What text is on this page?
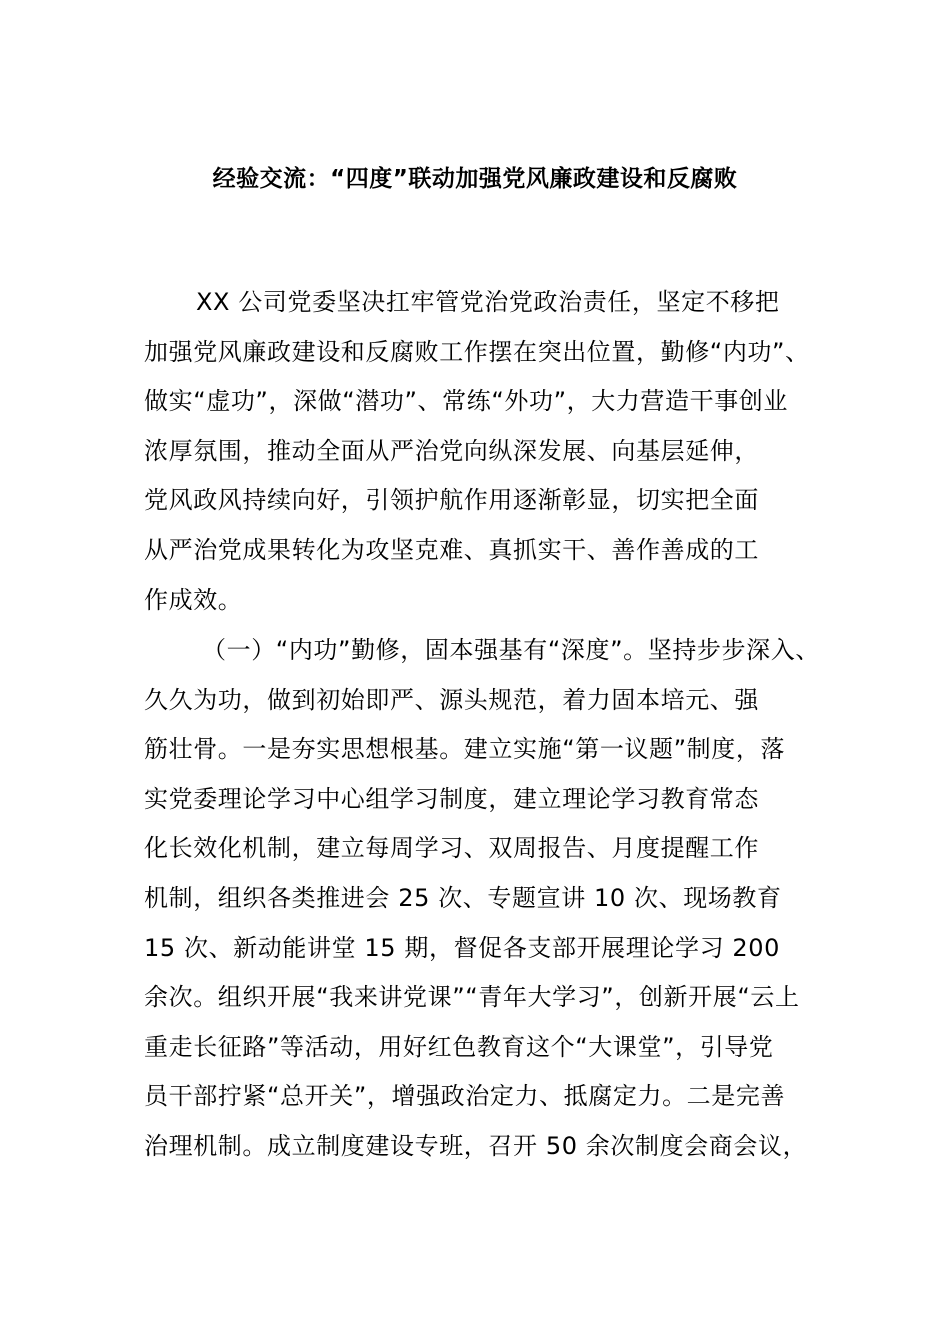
经验交流：“四度”联动加强党风廉政建设和反腐败
XX 公司党委坚决扛牢管党治党政治责任，坚定不移把
加强党风廉政建设和反腐败工作摆在突出位置，勤修“内功”、
做实“虚功”，深做“潜功”、常练“外功”，大力营造干事创业
浓厚氛围，推动全面从严治党向纵深发展、向基层延伸，
党风政风持续向好，引领护航作用逐渐彰显，切实把全面
从严治党成果转化为攻坚克难、真抓实干、善作善成的工
作成效。
（一）“内功”勤修，固本强基有“深度”。坚持步步深入、
久久为功，做到初始即严、源头规范，着力固本培元、强
筋壮骨。一是夯实思想根基。建立实施“第一议题”制度，落
实党委理论学习中心组学习制度，建立理论学习教育常态
化长效化机制，建立每周学习、双周报告、月度提醒工作
机制，组织各类推进会 25 次、专题宣讲 10 次、现场教育
15 次、新动能讲堂 15 期，督促各支部开展理论学习 200
余次。组织开展“我来讲党课”“青年大学习”，创新开展“云上
重走长征路”等活动，用好红色教育这个“大课堂”，引导党
员干部拧紧“总开关”，增强政治定力、抵腐定力。二是完善
治理机制。成立制度建设专班，召开 50 余次制度会商会议，
